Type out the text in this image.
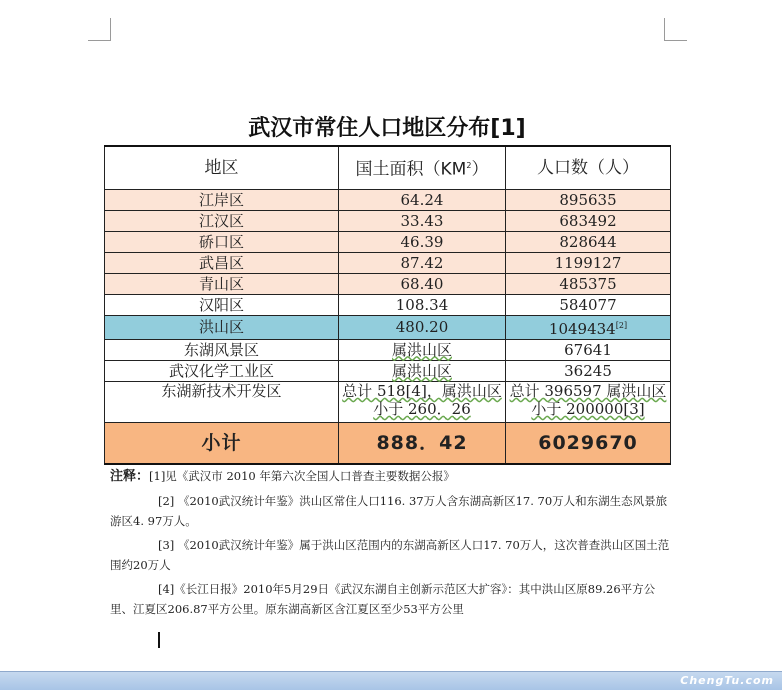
武汉市常住人口地区分布[1]
地区	国土面积$(KM^2)$	人口数（人）
江岸区	64.24	895635
江汉区	33.43	683492
硚口区	46.39	828644
武昌区	87.42	1199127
青山区	68.40	485375
汉阳区	108.34	584077
洪山区	480.20	1049434[2]
东湖风景区	属洪山区	67641
武汉化学工业区	属洪山区	36245
东湖新技术开发区	总计 518[4]，属洪山区小于 260．26	总计 396597 属洪山区小于 200000[3]
小计	888．42	6029670

注释：[1]见《武汉市 2010 年第六次全国人口普查主要数据公报》

[2] 《2010武汉统计年鉴》洪山区常住人口116. 37万人含东湖高新区17. 70万人和东湖生态风景旅游区4. 97万人。

[3] 《2010武汉统计年鉴》属于洪山区范围内的东湖高新区人口17. 70万人，这次普查洪山区国土范围约20万人

[4]《长江日报》2010年5月29日《武汉东湖自主创新示范区大扩容》：其中洪山区原89.26平方公里、江夏区206.87平方公里。原东湖高新区含江夏区至少53平方公里

ChengTu.com
